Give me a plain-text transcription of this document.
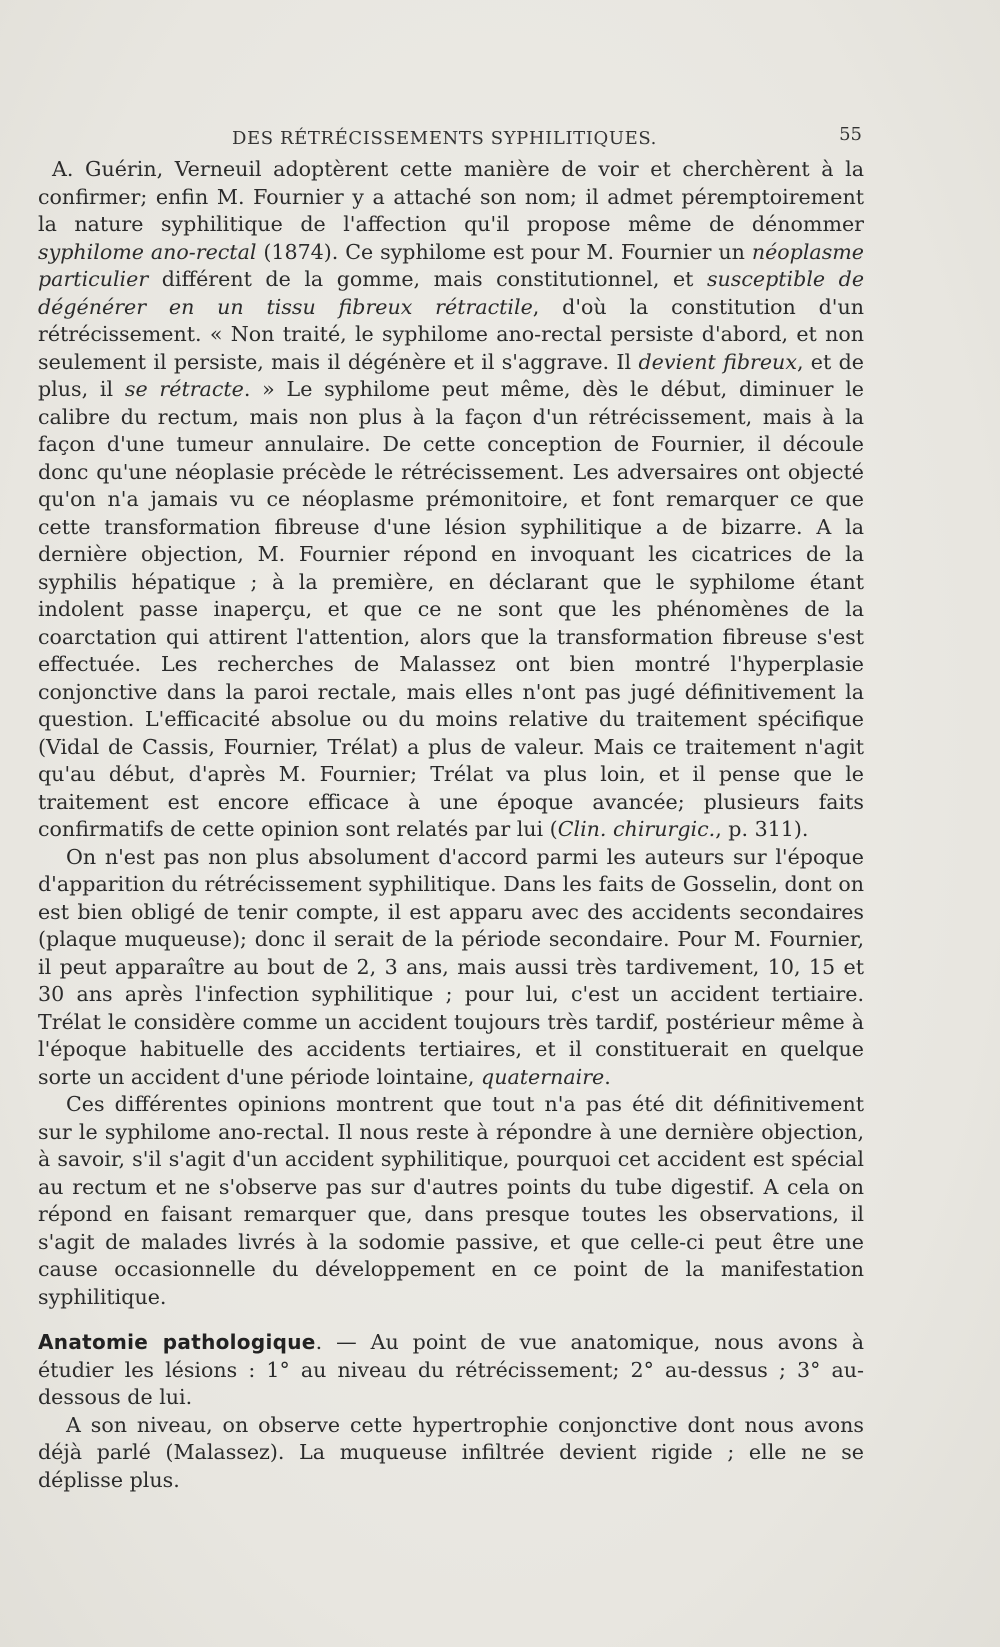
DES RÉTRÉCISSEMENTS SYPHILITIQUES.	55

A. Guérin, Verneuil adoptèrent cette manière de voir et cherchèrent à la confirmer; enfin M. Fournier y a attaché son nom; il admet péremptoirement la nature syphilitique de l'affection qu'il propose même de dénommer syphilome ano-rectal (1874). Ce syphilome est pour M. Fournier un néoplasme particulier différent de la gomme, mais constitutionnel, et susceptible de dégénérer en un tissu fibreux rétractile, d'où la constitution d'un rétrécissement. « Non traité, le syphilome ano-rectal persiste d'abord, et non seulement il persiste, mais il dégénère et il s'aggrave. Il devient fibreux, et de plus, il se rétracte. » Le syphilome peut même, dès le début, diminuer le calibre du rectum, mais non plus à la façon d'un rétrécissement, mais à la façon d'une tumeur annulaire. De cette conception de Fournier, il découle donc qu'une néoplasie précède le rétrécissement. Les adversaires ont objecté qu'on n'a jamais vu ce néoplasme prémonitoire, et font remarquer ce que cette transformation fibreuse d'une lésion syphilitique a de bizarre. A la dernière objection, M. Fournier répond en invoquant les cicatrices de la syphilis hépatique ; à la première, en déclarant que le syphilome étant indolent passe inaperçu, et que ce ne sont que les phénomènes de la coarctation qui attirent l'attention, alors que la transformation fibreuse s'est effectuée. Les recherches de Malassez ont bien montré l'hyperplasie conjonctive dans la paroi rectale, mais elles n'ont pas jugé définitivement la question. L'efficacité absolue ou du moins relative du traitement spécifique (Vidal de Cassis, Fournier, Trélat) a plus de valeur. Mais ce traitement n'agit qu'au début, d'après M. Fournier; Trélat va plus loin, et il pense que le traitement est encore efficace à une époque avancée; plusieurs faits confirmatifs de cette opinion sont relatés par lui (Clin. chirurgic., p. 311).

On n'est pas non plus absolument d'accord parmi les auteurs sur l'époque d'apparition du rétrécissement syphilitique. Dans les faits de Gosselin, dont on est bien obligé de tenir compte, il est apparu avec des accidents secondaires (plaque muqueuse); donc il serait de la période secondaire. Pour M. Fournier, il peut apparaître au bout de 2, 3 ans, mais aussi très tardivement, 10, 15 et 30 ans après l'infection syphilitique ; pour lui, c'est un accident tertiaire. Trélat le considère comme un accident toujours très tardif, postérieur même à l'époque habituelle des accidents tertiaires, et il constituerait en quelque sorte un accident d'une période lointaine, quaternaire.

Ces différentes opinions montrent que tout n'a pas été dit définitivement sur le syphilome ano-rectal. Il nous reste à répondre à une dernière objection, à savoir, s'il s'agit d'un accident syphilitique, pourquoi cet accident est spécial au rectum et ne s'observe pas sur d'autres points du tube digestif. A cela on répond en faisant remarquer que, dans presque toutes les observations, il s'agit de malades livrés à la sodomie passive, et que celle-ci peut être une cause occasionnelle du développement en ce point de la manifestation syphilitique.

Anatomie pathologique. — Au point de vue anatomique, nous avons à étudier les lésions : 1° au niveau du rétrécissement; 2° au-dessus ; 3° au-dessous de lui.

A son niveau, on observe cette hypertrophie conjonctive dont nous avons déjà parlé (Malassez). La muqueuse infiltrée devient rigide ; elle ne se déplisse plus.
